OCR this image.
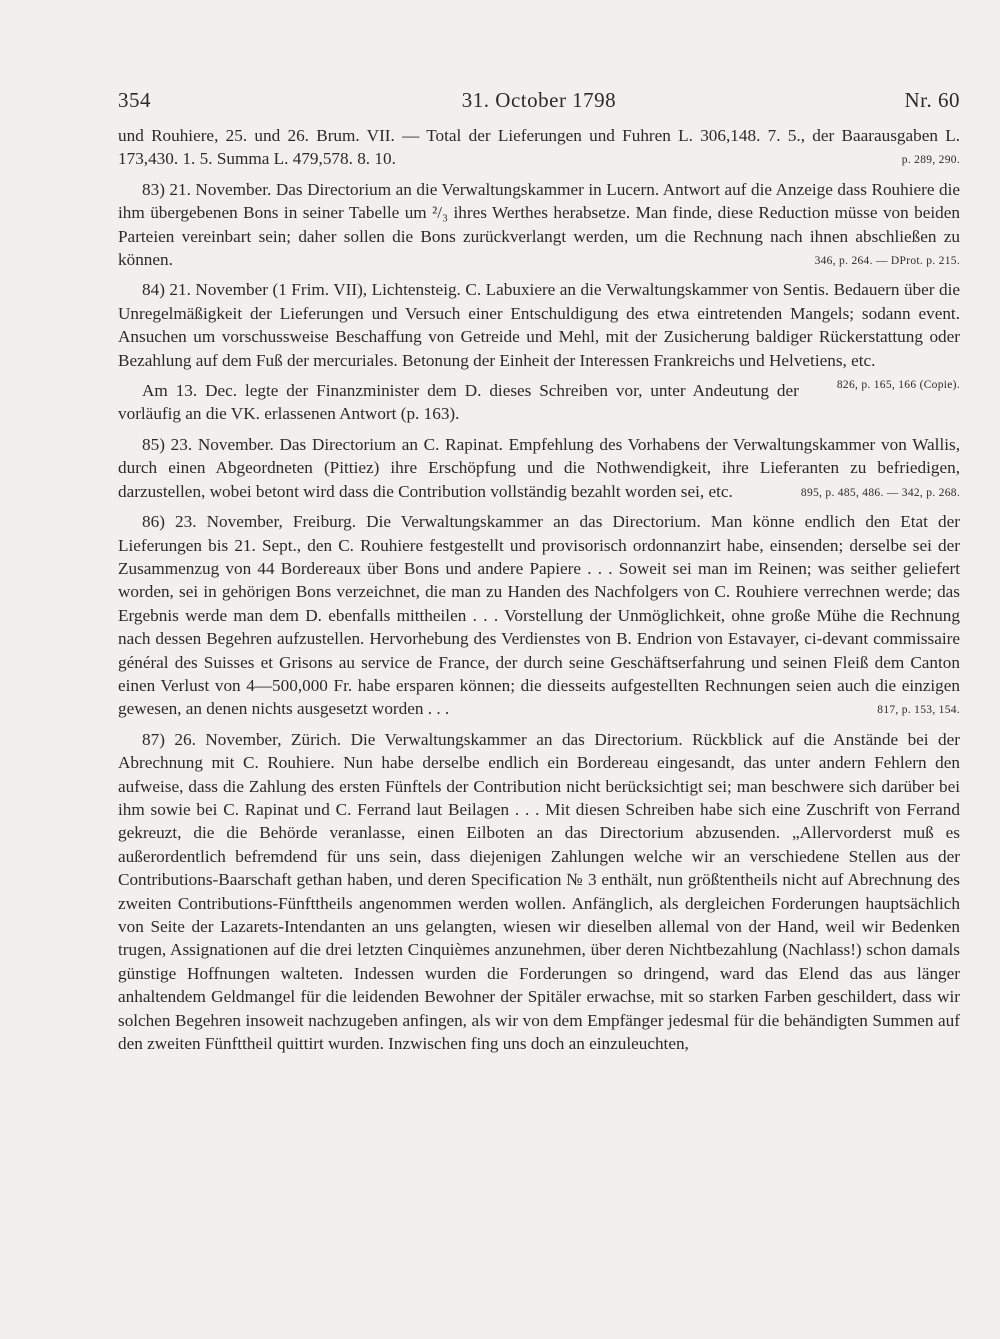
354	31. October 1798	Nr. 60

und Rouhiere, 25. und 26. Brum. VII. — Total der Lieferungen und Fuhren L. 306,148. 7. 5., der Baarausgaben L. 173,430. 1. 5. Summa L. 479,578. 8. 10.	p. 289, 290.

83) 21. November. Das Directorium an die Verwaltungskammer in Lucern. Antwort auf die Anzeige dass Rouhiere die ihm übergebenen Bons in seiner Tabelle um ²/₃ ihres Werthes herabsetze. Man finde, diese Reduction müsse von beiden Parteien vereinbart sein; daher sollen die Bons zurückverlangt werden, um die Rechnung nach ihnen abschließen zu können.	346, p. 264. — DProt. p. 215.

84) 21. November (1 Frim. VII), Lichtensteig. C. Labuxiere an die Verwaltungskammer von Sentis. Bedauern über die Unregelmäßigkeit der Lieferungen und Versuch einer Entschuldigung des etwa eintretenden Mangels; sodann event. Ansuchen um vorschussweise Beschaffung von Getreide und Mehl, mit der Zusicherung baldiger Rückerstattung oder Bezahlung auf dem Fuß der mercuriales. Betonung der Einheit der Interessen Frankreichs und Helvetiens, etc.
826, p. 165, 166 (Copie).

Am 13. Dec. legte der Finanzminister dem D. dieses Schreiben vor, unter Andeutung der vorläufig an die VK. erlassenen Antwort (p. 163).

85) 23. November. Das Directorium an C. Rapinat. Empfehlung des Vorhabens der Verwaltungskammer von Wallis, durch einen Abgeordneten (Pittiez) ihre Erschöpfung und die Nothwendigkeit, ihre Lieferanten zu befriedigen, darzustellen, wobei betont wird dass die Contribution vollständig bezahlt worden sei, etc.	895, p. 485, 486. — 342, p. 268.

86) 23. November, Freiburg. Die Verwaltungskammer an das Directorium. Man könne endlich den Etat der Lieferungen bis 21. Sept., den C. Rouhiere festgestellt und provisorisch ordonnanzirt habe, einsenden; derselbe sei der Zusammenzug von 44 Bordereaux über Bons und andere Papiere . . . Soweit sei man im Reinen; was seither geliefert worden, sei in gehörigen Bons verzeichnet, die man zu Handen des Nachfolgers von C. Rouhiere verrechnen werde; das Ergebnis werde man dem D. ebenfalls mittheilen . . . Vorstellung der Unmöglichkeit, ohne große Mühe die Rechnung nach dessen Begehren aufzustellen. Hervorhebung des Verdienstes von B. Endrion von Estavayer, ci-devant commissaire général des Suisses et Grisons au service de France, der durch seine Geschäftserfahrung und seinen Fleiß dem Canton einen Verlust von 4—500,000 Fr. habe ersparen können; die diesseits aufgestellten Rechnungen seien auch die einzigen gewesen, an denen nichts ausgesetzt worden . . .	817, p. 153, 154.

87) 26. November, Zürich. Die Verwaltungskammer an das Directorium. Rückblick auf die Anstände bei der Abrechnung mit C. Rouhiere. Nun habe derselbe endlich ein Bordereau eingesandt, das unter andern Fehlern den aufweise, dass die Zahlung des ersten Fünftels der Contribution nicht berücksichtigt sei; man beschwere sich darüber bei ihm sowie bei C. Rapinat und C. Ferrand laut Beilagen . . . Mit diesen Schreiben habe sich eine Zuschrift von Ferrand gekreuzt, die die Behörde veranlasse, einen Eilboten an das Directorium abzusenden. „Allervorderst muß es außerordentlich befremdend für uns sein, dass diejenigen Zahlungen welche wir an verschiedene Stellen aus der Contributions-Baarschaft gethan haben, und deren Specification № 3 enthält, nun größtentheils nicht auf Abrechnung des zweiten Contributions-Fünfttheils angenommen werden wollen. Anfänglich, als dergleichen Forderungen hauptsächlich von Seite der Lazarets-Intendanten an uns gelangten, wiesen wir dieselben allemal von der Hand, weil wir Bedenken trugen, Assignationen auf die drei letzten Cinquièmes anzunehmen, über deren Nichtbezahlung (Nachlass!) schon damals günstige Hoffnungen walteten. Indessen wurden die Forderungen so dringend, ward das Elend das aus länger anhaltendem Geldmangel für die leidenden Bewohner der Spitäler erwachse, mit so starken Farben geschildert, dass wir solchen Begehren insoweit nachzugeben anfingen, als wir von dem Empfänger jedesmal für die behändigten Summen auf den zweiten Fünfttheil quittirt wurden. Inzwischen fing uns doch an einzuleuchten,
